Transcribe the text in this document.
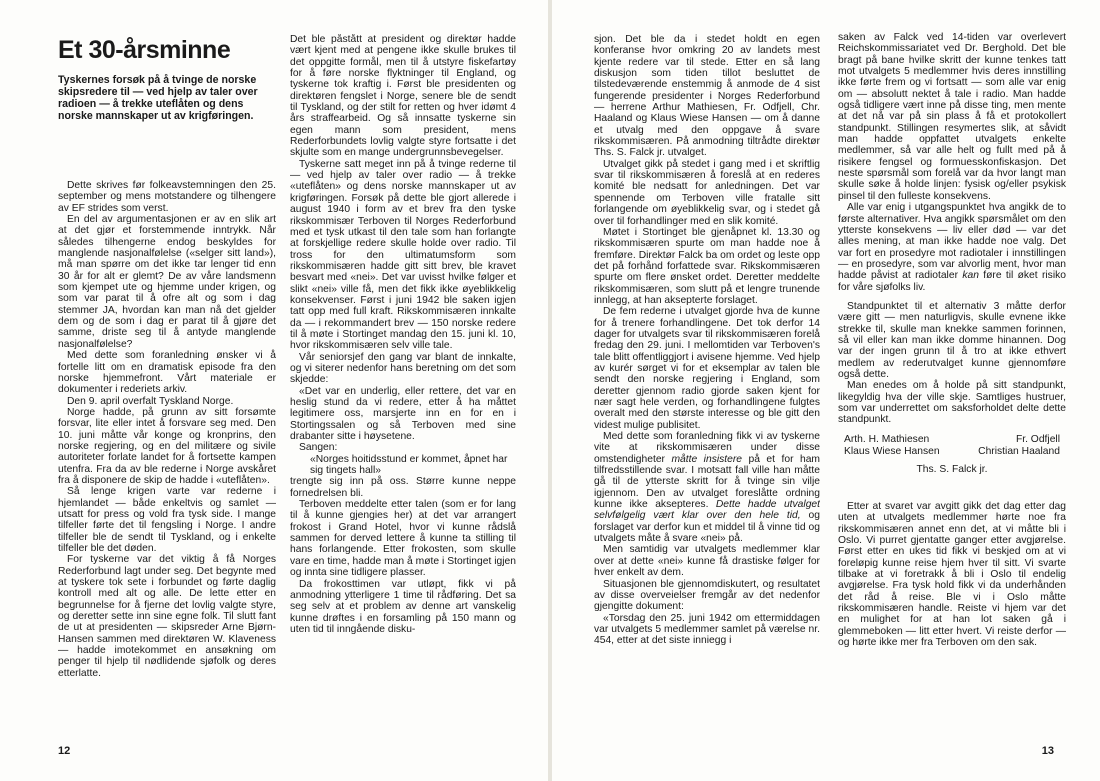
Et 30-årsminne
Tyskernes forsøk på å tvinge de norske skipsredere til — ved hjelp av taler over radioen — å trekke uteflåten og dens norske mannskaper ut av krigføringen.

Dette skrives før folkeavstemningen den 25. september og mens motstandere og tilhengere av EF strides som verst.

En del av argumentasjonen er av en slik art at det gjør et forstemmende inntrykk. Når således tilhengerne endog beskyldes for manglende nasjonalfølelse («selger sitt land»), må man spørre om det ikke tar lenger tid enn 30 år for alt er glemt? De av våre landsmenn som kjempet ute og hjemme under krigen, og som var parat til å ofre alt og som i dag stemmer JA, hvordan kan man nå det gjelder dem og de som i dag er parat til å gjøre det samme, driste seg til å antyde manglende nasjonalfølelse?

Med dette som foranledning ønsker vi å fortelle litt om en dramatisk episode fra den norske hjemmefront. Vårt materiale er dokumenter i rederiets arkiv.

Den 9. april overfalt Tyskland Norge.

Norge hadde, på grunn av sitt forsømte forsvar, lite eller intet å forsvare seg med. Den 10. juni måtte vår konge og kronprins, den norske regjering, og en del militære og sivile autoriteter forlate landet for å fortsette kampen utenfra. Fra da av ble rederne i Norge avskåret fra å disponere de skip de hadde i «uteflåten».

Så lenge krigen varte var rederne i hjemlandet — både enkeltvis og samlet — utsatt for press og vold fra tysk side. I mange tilfeller førte det til fengsling i Norge. I andre tilfeller ble de sendt til Tyskland, og i enkelte tilfeller ble det døden.

For tyskerne var det viktig å få Norges Rederforbund lagt under seg. Det begynte med at tyskere tok sete i forbundet og førte daglig kontroll med alt og alle. De lette etter en begrunnelse for å fjerne det lovlig valgte styre, og deretter sette inn sine egne folk. Til slutt fant de ut at presidenten — skipsreder Arne Bjørn-Hansen sammen med direktøren W. Klaveness — hadde imotekommet en ansøkning om penger til hjelp til nødlidende sjøfolk og deres etterlatte.

Det ble påstått at president og direktør hadde vært kjent med at pengene ikke skulle brukes til det oppgitte formål, men til å utstyre fiskefartøy for å føre norske flyktninger til England, og tyskerne tok kraftig i. Først ble presidenten og direktøren fengslet i Norge, senere ble de sendt til Tyskland, og der stilt for retten og hver idømt 4 års straffearbeid. Og så innsatte tyskerne sin egen mann som president, mens Rederforbundets lovlig valgte styre fortsatte i det skjulte som en mange undergrunnsbevegelser.

Tyskerne satt meget inn på å tvinge rederne til — ved hjelp av taler over radio — å trekke «uteflåten» og dens norske mannskaper ut av krigføringen. Forsøk på dette ble gjort allerede i august 1940 i form av et brev fra den tyske rikskommisær Terboven til Norges Rederforbund med et tysk utkast til den tale som han forlangte at forskjellige redere skulle holde over radio. Til tross for den ultimatumsform som rikskommisæren hadde gitt sitt brev, ble kravet besvart med «nei». Det var uvisst hvilke følger et slikt «nei» ville få, men det fikk ikke øyeblikkelig konsekvenser. Først i juni 1942 ble saken igjen tatt opp med full kraft. Rikskommisæren innkalte da — i rekommandert brev — 150 norske redere til å møte i Stortinget mandag den 15. juni kl. 10, hvor rikskommisæren selv ville tale.

Vår seniorsjef den gang var blant de innkalte, og vi siterer nedenfor hans beretning om det som skjedde:

«Det var en underlig, eller rettere, det var en heslig stund da vi redere, etter å ha måttet legitimere oss, marsjerte inn en for en i Stortingssalen og så Terboven med sine drabanter sitte i høysetene.

Sangen:

«Norges hoitidsstund er kommet, åpnet har sig tingets hall»

trengte sig inn på oss. Større kunne neppe fornedrelsen bli.

Terboven meddelte etter talen (som er for lang til å kunne gjengies her) at det var arrangert frokost i Grand Hotel, hvor vi kunne rådslå sammen for derved lettere å kunne ta stilling til hans forlangende. Etter frokosten, som skulle vare en time, hadde man å møte i Stortinget igjen og innta sine tidligere plasser.

Da frokosttimen var utløpt, fikk vi på anmodning ytterligere 1 time til rådføring. Det sa seg selv at et problem av denne art vanskelig kunne drøftes i en forsamling på 150 mann og uten tid til inngående disku-

12

sjon. Det ble da i stedet holdt en egen konferanse hvor omkring 20 av landets mest kjente redere var til stede. Etter en så lang diskusjon som tiden tillot besluttet de tilstedeværende enstemmig å anmode de 4 sist fungerende presidenter i Norges Rederforbund — herrene Arthur Mathiesen, Fr. Odfjell, Chr. Haaland og Klaus Wiese Hansen — om å danne et utvalg med den oppgave å svare rikskommisæren. På anmodning tiltrådte direktør Ths. S. Falck jr. utvalget.

Utvalget gikk på stedet i gang med i et skriftlig svar til rikskommisæren å foreslå at en rederes komité ble nedsatt for anledningen. Det var spennende om Terboven ville fratalle sitt forlangende om øyeblikkelig svar, og i stedet gå over til forhandlinger med en slik komité.

Møtet i Stortinget ble gjenåpnet kl. 13.30 og rikskommisæren spurte om man hadde noe å fremføre. Direktør Falck ba om ordet og leste opp det på forhånd forfattede svar. Rikskommisæren spurte om flere ønsket ordet. Deretter meddelte rikskommisæren, som slutt på et lengre trunende innlegg, at han aksepterte forslaget.

De fem rederne i utvalget gjorde hva de kunne for å trenere forhandlingene. Det tok derfor 14 dager for utvalgets svar til rikskommisæren forelå fredag den 29. juni. I mellomtiden var Terboven's tale blitt offentliggjort i avisene hjemme. Ved hjelp av kurér sørget vi for et eksemplar av talen ble sendt den norske regjering i England, som deretter gjennom radio gjorde saken kjent for nær sagt hele verden, og forhandlingene fulgtes overalt med den største interesse og ble gitt den videst mulige publisitet.

Med dette som foranledning fikk vi av tyskerne vite at rikskommisæren under disse omstendigheter måtte insistere på et for ham tilfredsstillende svar. I motsatt fall ville han måtte gå til de ytterste skritt for å tvinge sin vilje igjennom. Den av utvalget foreslåtte ordning kunne ikke aksepteres. Dette hadde utvalget selvfølgelig vært klar over den hele tid, og forslaget var derfor kun et middel til å vinne tid og utvalgets måte å svare «nei» på.

Men samtidig var utvalgets medlemmer klar over at dette «nei» kunne få drastiske følger for hver enkelt av dem.

Situasjonen ble gjennomdiskutert, og resultatet av disse overveielser fremgår av det nedenfor gjengitte dokument:

«Torsdag den 25. juni 1942 om ettermiddagen var utvalgets 5 medlemmer samlet på værelse nr. 454, etter at det siste inniegg i

saken av Falck ved 14-tiden var overlevert Reichskommissariatet ved Dr. Berghold. Det ble bragt på bane hvilke skritt der kunne tenkes tatt mot utvalgets 5 medlemmer hvis deres innstilling ikke førte frem og vi fortsatt — som alle var enig om — absolutt nektet å tale i radio. Man hadde også tidligere vært inne på disse ting, men mente at det nå var på sin plass å få et protokollert standpunkt. Stillingen resymertes slik, at såvidt man hadde oppfattet utvalgets enkelte medlemmer, så var alle helt og fullt med på å risikere fengsel og formuesskonfiskasjon. Det neste spørsmål som forelå var da hvor langt man skulle søke å holde linjen: fysisk og/eller psykisk pinsel til den fulleste konsekvens.

Alle var enig i utgangspunktet hva angikk de to første alternativer. Hva angikk spørsmålet om den ytterste konsekvens — liv eller død — var det alles mening, at man ikke hadde noe valg. Det var fort en prosedyre mot radiotaler i innstillingen — en prosedyre, som var alvorlig ment, hvor man hadde påvist at radiotaler kan føre til øket risiko for våre sjøfolks liv.

Standpunktet til et alternativ 3 måtte derfor være gitt — men naturligvis, skulle evnene ikke strekke til, skulle man knekke sammen forinnen, så vil eller kan man ikke domme hinannen. Dog var der ingen grunn til å tro at ikke ethvert medlem av rederutvalget kunne gjennomføre også dette.

Man enedes om å holde på sitt standpunkt, likegyldig hva der ville skje. Samtliges hustruer, som var underrettet om saksforholdet delte dette standpunkt.

Arth. H. Mathiesen	Fr. Odfjell
Klaus Wiese Hansen	Christian Haaland
Ths. S. Falck jr.

Etter at svaret var avgitt gikk det dag etter dag uten at utvalgets medlemmer hørte noe fra rikskommisæren annet enn det, at vi måtte bli i Oslo. Vi purret gjentatte ganger etter avgjørelse. Først etter en ukes tid fikk vi beskjed om at vi foreløpig kunne reise hjem hver til sitt. Vi svarte tilbake at vi foretrakk å bli i Oslo til endelig avgjørelse. Fra tysk hold fikk vi da underhånden det råd å reise. Ble vi i Oslo måtte rikskommisæren handle. Reiste vi hjem var det en mulighet for at han lot saken gå i glemmeboken — litt etter hvert. Vi reiste derfor — og hørte ikke mer fra Terboven om den sak.

13
